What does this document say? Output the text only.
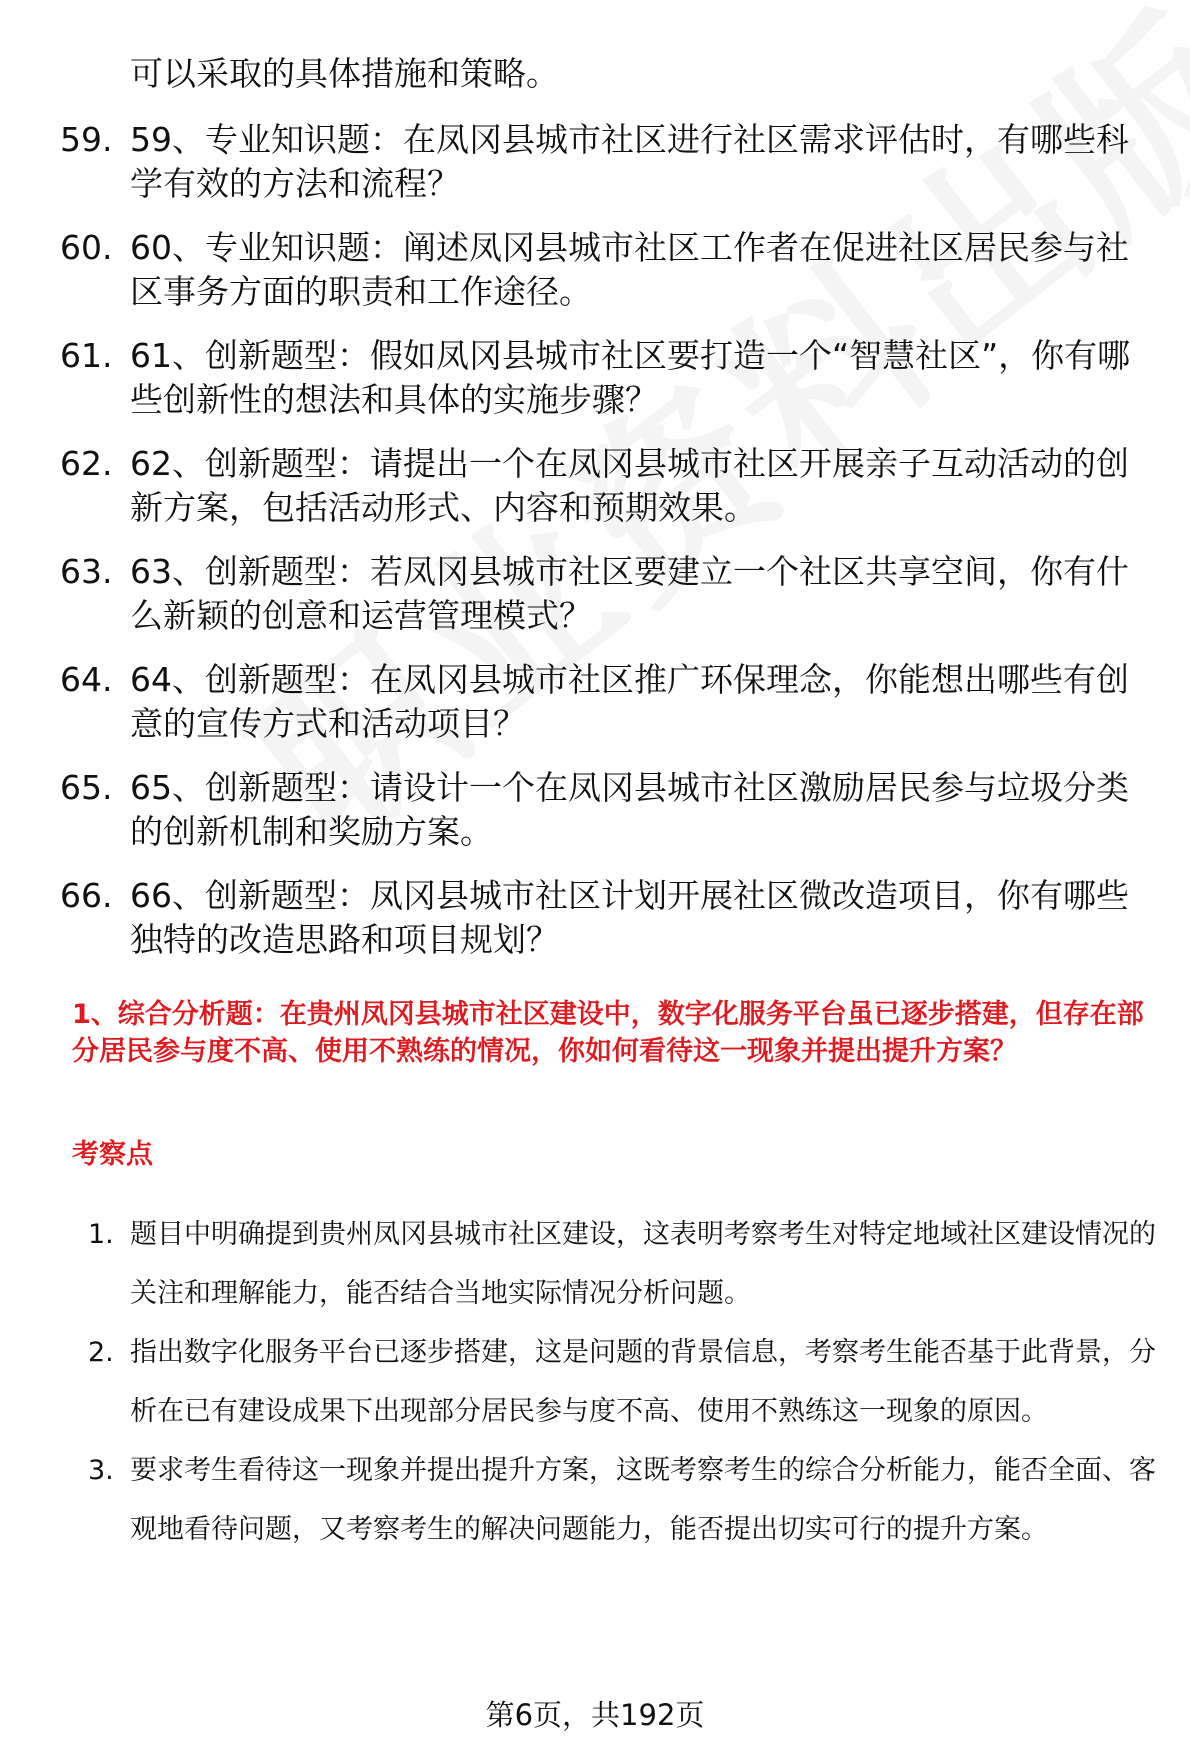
可以采取的具体措施和策略。
59. 59、专业知识题：在凤冈县城市社区进行社区需求评估时，有哪些科学有效的方法和流程？
60. 60、专业知识题：阐述凤冈县城市社区工作者在促进社区居民参与社区事务方面的职责和工作途径。
61. 61、创新题型：假如凤冈县城市社区要打造一个“智慧社区”，你有哪些创新性的想法和具体的实施步骤？
62. 62、创新题型：请提出一个在凤冈县城市社区开展亲子互动活动的创新方案，包括活动形式、内容和预期效果。
63. 63、创新题型：若凤冈县城市社区要建立一个社区共享空间，你有什么新颖的创意和运营管理模式？
64. 64、创新题型：在凤冈县城市社区推广环保理念，你能想出哪些有创意的宣传方式和活动项目？
65. 65、创新题型：请设计一个在凤冈县城市社区激励居民参与垃圾分类的创新机制和奖励方案。
66. 66、创新题型：凤冈县城市社区计划开展社区微改造项目，你有哪些独特的改造思路和项目规划？
1、综合分析题：在贵州凤冈县城市社区建设中，数字化服务平台虽已逐步搭建，但存在部分居民参与度不高、使用不熟练的情况，你如何看待这一现象并提出提升方案？
考察点
1. 题目中明确提到贵州凤冈县城市社区建设，这表明考察考生对特定地域社区建设情况的关注和理解能力，能否结合当地实际情况分析问题。
2. 指出数字化服务平台已逐步搭建，这是问题的背景信息，考察考生能否基于此背景，分析在已有建设成果下出现部分居民参与度不高、使用不熟练这一现象的原因。
3. 要求考生看待这一现象并提出提升方案，这既考察考生的综合分析能力，能否全面、客观地看待问题，又考察考生的解决问题能力，能否提出切实可行的提升方案。
第6页，共192页
